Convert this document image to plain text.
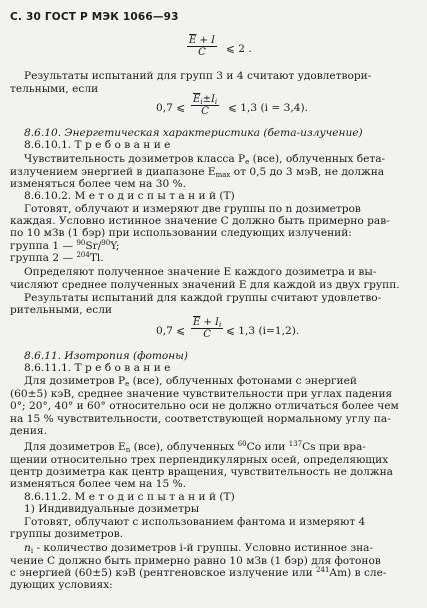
С. 30 ГОСТ Р МЭК 1066—93
$\frac{\overline{E} + I}{C}$ ⩽ 2 .
Результаты испытаний для групп 3 и 4 считают удовлетвори-
тельными, если
0,7 ⩽ $\frac{\overline{E}_i\pm I_i}{C}$ ⩽ 1,3 (i = 3,4).
8.6.10. Энергетическая характеристика (бета-излучение)
8.6.10.1. Т р е б о в а н и е
Чувствительность дозиметров класса $P_e$ (все), облученных бета-
излучением энергией в диапазоне $E_{max}$ от 0,5 до 3 мэВ, не должна
изменяться более чем на 30 %.
8.6.10.2. М е т о д и с п ы т а н и й (Т)
Готовят, облучают и измеряют две группы по n дозиметров
каждая. Условно истинное значение C должно быть примерно рав-
по 10 мЗв (1 бэр) при использовании следующих излучений:
группа 1 — $^{90}$Sr/$^{90}$Y;
группа 2 — $^{204}$Tl.
Определяют полученное значение E каждого дозиметра и вы-
числяют среднее полученных значений E для каждой из двух групп.
Результаты испытаний для каждой группы считают удовлетво-
рительными, если
0,7 ⩽ $\frac{\overline{E} + I_i}{C}$ ⩽ 1,3 (i=1,2).
8.6.11. Изотропия (фотоны)
8.6.11.1. Т р е б о в а н и е
Для дозиметров $P_e$ (все), облученных фотонами с энергией
(60±5) кэВ, среднее значение чувствительности при углах падения
0°; 20°, 40° и 60° относительно оси не должно отличаться более чем
на 15 % чувствительности, соответствующей нормальному углу па-
дения.
Для дозиметров $E_n$ (все), облученных $^{60}$Co или $^{137}$Cs при вра-
щении относительно трех перпендикулярных осей, определяющих
центр дозиметра как центр вращения, чувствительность не должна
изменяться более чем на 15 %.
8.6.11.2. М е т о д и с п ы т а н и й (Т)
1) Индивидуальные дозиметры
Готовят, облучают с использованием фантома и измеряют 4
группы дозиметров.
$n_i$ - количество дозиметров i-й группы. Условно истинное зна-
чение C должно быть примерно равно 10 мЗв (1 бэр) для фотонов
с энергией (60±5) кэВ (рентгеновское излучение или $^{241}$Am) в сле-
дующих условиях:
